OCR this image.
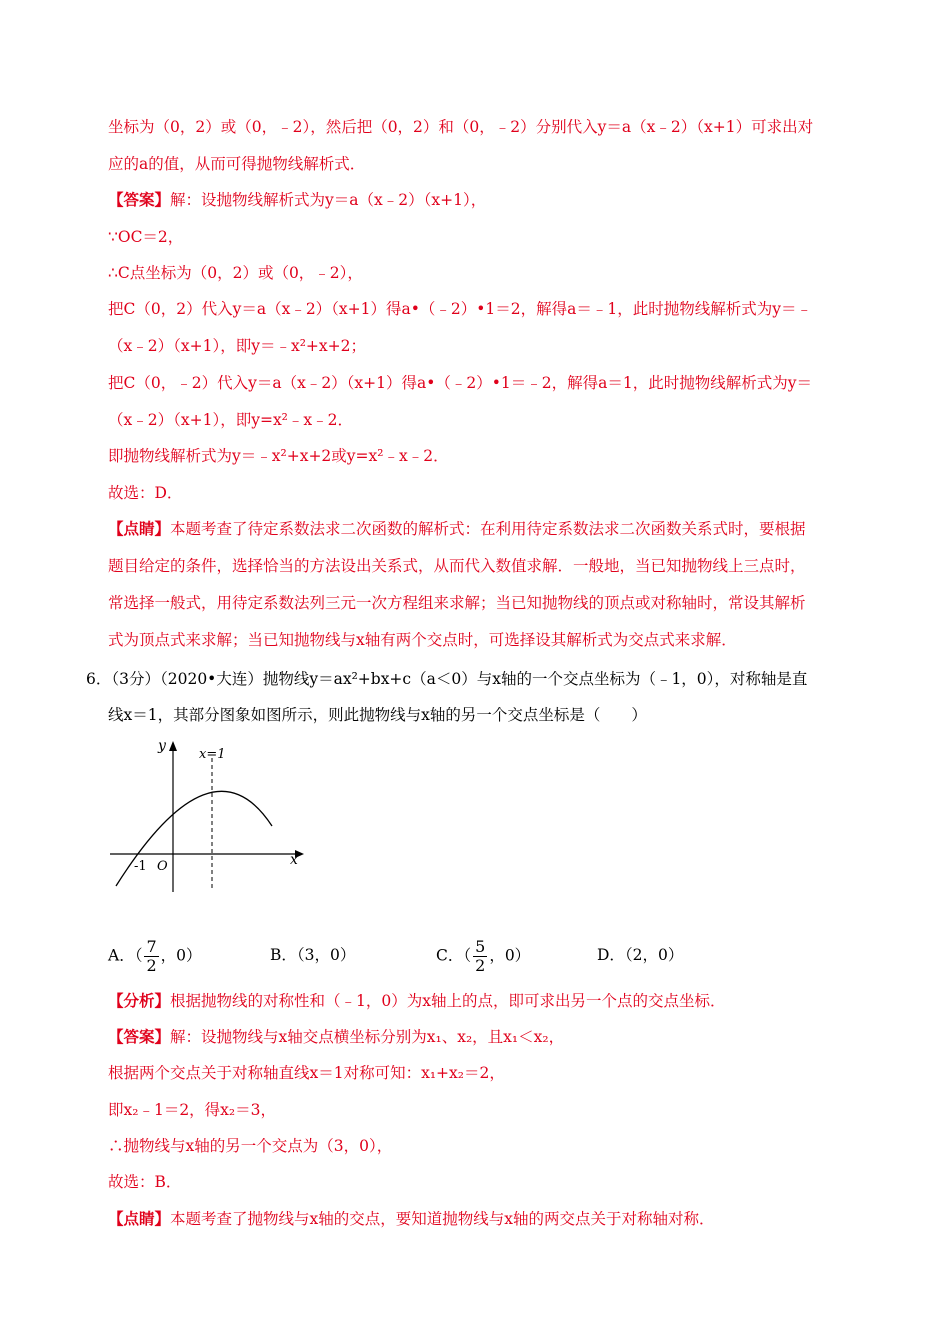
坐标为（0，2）或（0，﹣2），然后把（0，2）和（0，﹣2）分别代入y＝a（x﹣2）（x+1）可求出对
应的a的值，从而可得抛物线解析式．
【答案】解：设抛物线解析式为y＝a（x﹣2）（x+1），
∵OC＝2，
∴C点坐标为（0，2）或（0，﹣2），
把C（0，2）代入y＝a（x﹣2）（x+1）得a•（﹣2）•1＝2，解得a＝﹣1，此时抛物线解析式为y＝﹣
（x﹣2）（x+1），即y＝﹣x²+x+2；
把C（0，﹣2）代入y＝a（x﹣2）（x+1）得a•（﹣2）•1＝﹣2，解得a＝1，此时抛物线解析式为y＝
（x﹣2）（x+1），即y=x²﹣x﹣2．
即抛物线解析式为y＝﹣x²+x+2或y=x²﹣x﹣2．
故选：D．
【点睛】本题考查了待定系数法求二次函数的解析式：在利用待定系数法求二次函数关系式时，要根据
题目给定的条件，选择恰当的方法设出关系式，从而代入数值求解．一般地，当已知抛物线上三点时，
常选择一般式，用待定系数法列三元一次方程组来求解；当已知抛物线的顶点或对称轴时，常设其解析
式为顶点式来求解；当已知抛物线与x轴有两个交点时，可选择设其解析式为交点式来求解．
6．（3分）（2020•大连）抛物线y＝ax²+bx+c（a＜0）与x轴的一个交点坐标为（﹣1，0），对称轴是直
线x＝1，其部分图象如图所示，则此抛物线与x轴的另一个交点坐标是（　　）
y
x
x=1
-1 O
A．（ $\frac{7}{2}$ ，0）	B．（3，0）	C．（ $\frac{5}{2}$ ，0）	D．（2，0）
【分析】根据抛物线的对称性和（﹣1，0）为x轴上的点，即可求出另一个点的交点坐标．
【答案】解：设抛物线与x轴交点横坐标分别为x₁、x₂，且x₁＜x₂，
根据两个交点关于对称轴直线x＝1对称可知：x₁+x₂＝2，
即x₂﹣1＝2，得x₂＝3，
∴抛物线与x轴的另一个交点为（3，0），
故选：B．
【点睛】本题考查了抛物线与x轴的交点，要知道抛物线与x轴的两交点关于对称轴对称．
